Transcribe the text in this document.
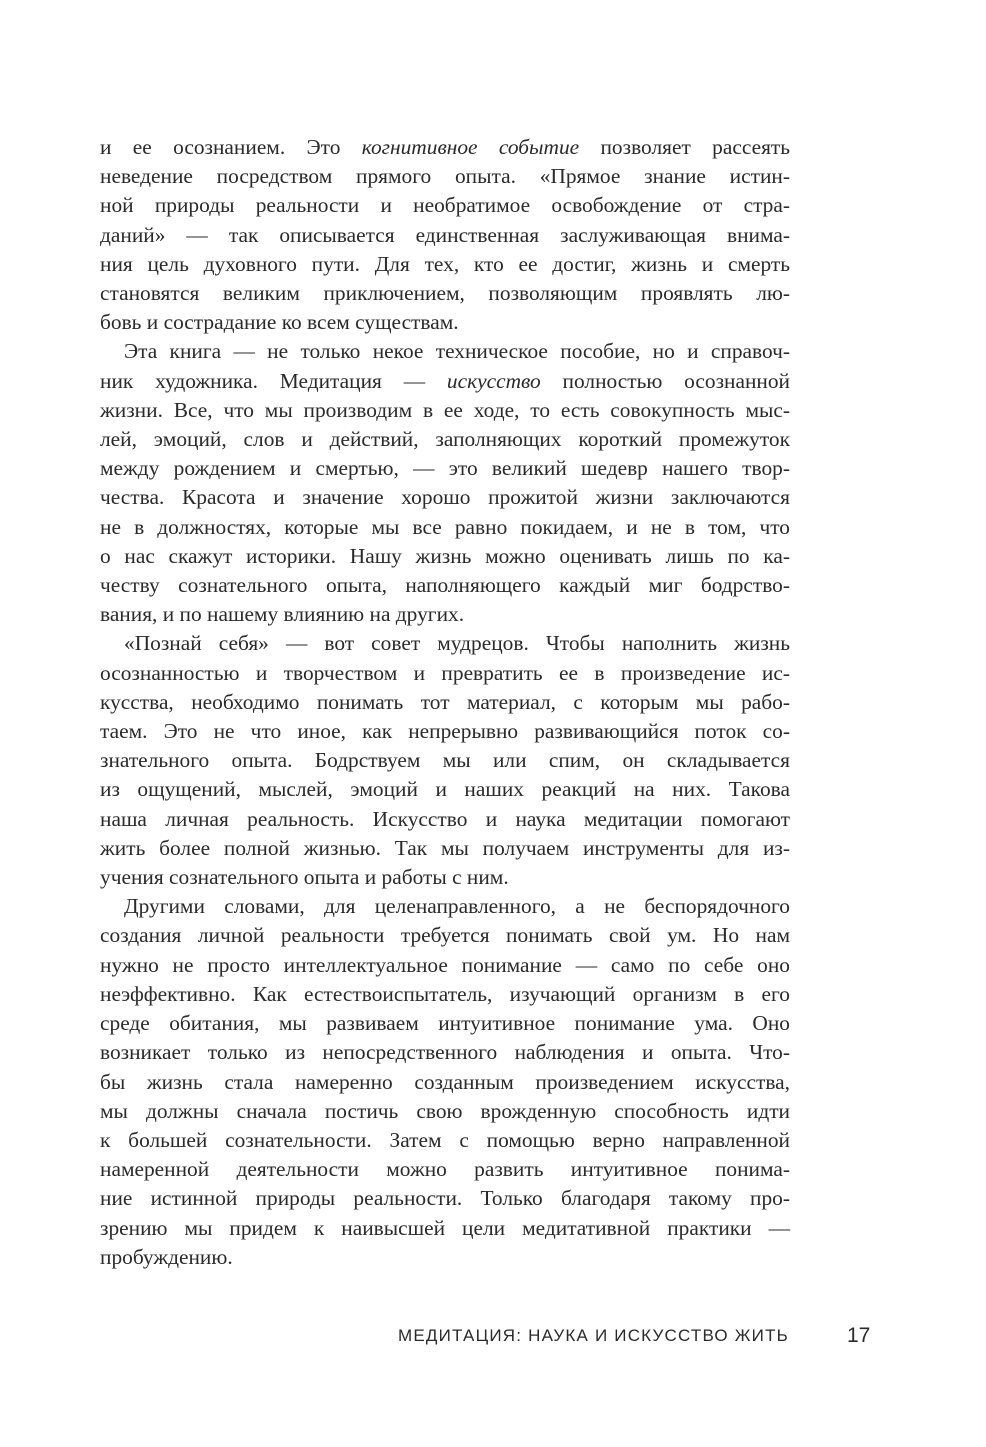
и ее осознанием. Это когнитивное событие позволяет рассеять
неведение посредством прямого опыта. «Прямое знание истин-
ной природы реальности и необратимое освобождение от стра-
даний» — так описывается единственная заслуживающая внима-
ния цель духовного пути. Для тех, кто ее достиг, жизнь и смерть
становятся великим приключением, позволяющим проявлять лю-
бовь и сострадание ко всем существам.
Эта книга — не только некое техническое пособие, но и справоч-
ник художника. Медитация — искусство полностью осознанной
жизни. Все, что мы производим в ее ходе, то есть совокупность мыс-
лей, эмоций, слов и действий, заполняющих короткий промежуток
между рождением и смертью, — это великий шедевр нашего твор-
чества. Красота и значение хорошо прожитой жизни заключаются
не в должностях, которые мы все равно покидаем, и не в том, что
о нас скажут историки. Нашу жизнь можно оценивать лишь по ка-
честву сознательного опыта, наполняющего каждый миг бодрство-
вания, и по нашему влиянию на других.
«Познай себя» — вот совет мудрецов. Чтобы наполнить жизнь
осознанностью и творчеством и превратить ее в произведение ис-
кусства, необходимо понимать тот материал, с которым мы рабо-
таем. Это не что иное, как непрерывно развивающийся поток со-
знательного опыта. Бодрствуем мы или спим, он складывается
из ощущений, мыслей, эмоций и наших реакций на них. Такова
наша личная реальность. Искусство и наука медитации помогают
жить более полной жизнью. Так мы получаем инструменты для из-
учения сознательного опыта и работы с ним.
Другими словами, для целенаправленного, а не беспорядочного
создания личной реальности требуется понимать свой ум. Но нам
нужно не просто интеллектуальное понимание — само по себе оно
неэффективно. Как естествоиспытатель, изучающий организм в его
среде обитания, мы развиваем интуитивное понимание ума. Оно
возникает только из непосредственного наблюдения и опыта. Что-
бы жизнь стала намеренно созданным произведением искусства,
мы должны сначала постичь свою врожденную способность идти
к большей сознательности. Затем с помощью верно направленной
намеренной деятельности можно развить интуитивное понима-
ние истинной природы реальности. Только благодаря такому про-
зрению мы придем к наивысшей цели медитативной практики —
пробуждению.
МЕДИТАЦИЯ: НАУКА И ИСКУССТВО ЖИТЬ	17
